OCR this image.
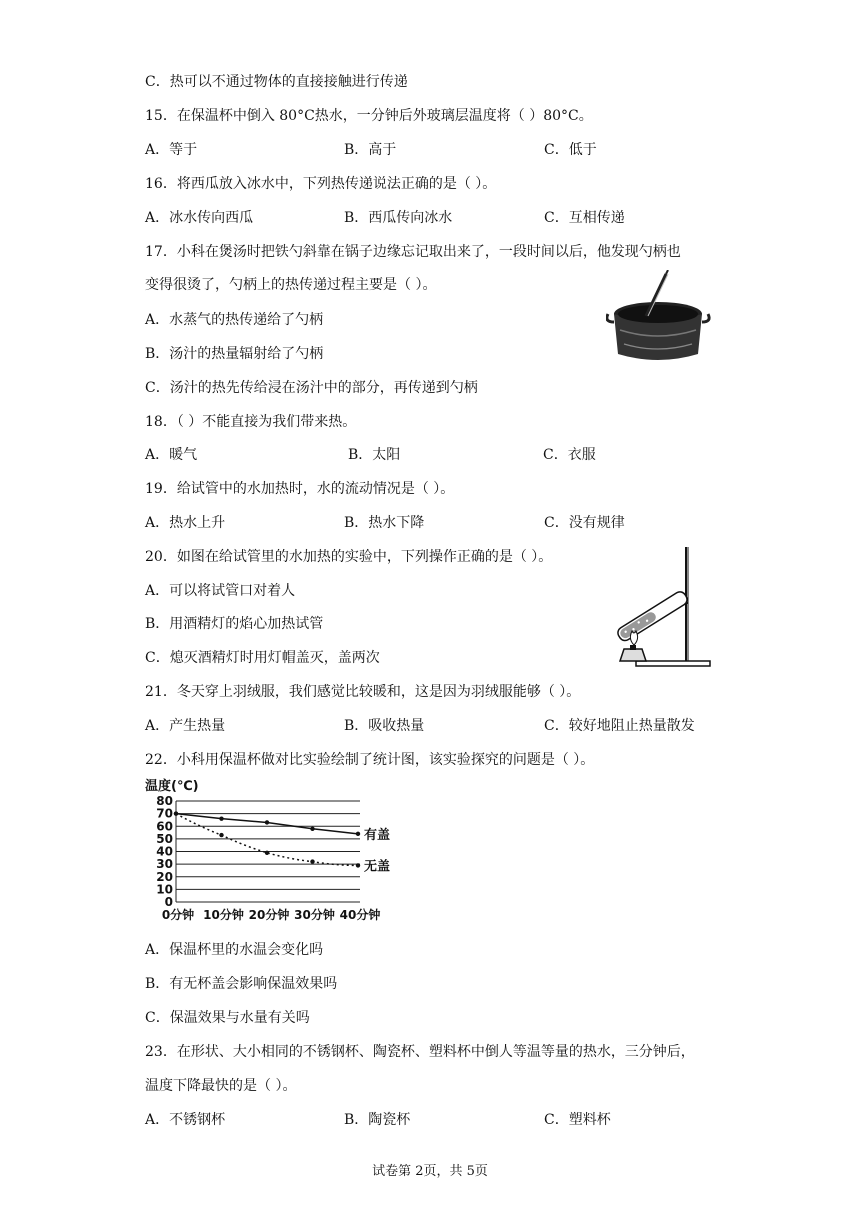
C．热可以不通过物体的直接接触进行传递
15．在保温杯中倒入 80°C热水，一分钟后外玻璃层温度将（ ）80°C。
A．等于	B．高于	C．低于
16．将西瓜放入冰水中，下列热传递说法正确的是（ ）。
A．冰水传向西瓜	B．西瓜传向冰水	C．互相传递
17．小科在煲汤时把铁勺斜靠在锅子边缘忘记取出来了，一段时间以后，他发现勺柄也
变得很烫了，勺柄上的热传递过程主要是（ ）。
A．水蒸气的热传递给了勺柄
B．汤汁的热量辐射给了勺柄
C．汤汁的热先传给浸在汤汁中的部分，再传递到勺柄
18．（ ）不能直接为我们带来热。
A．暖气	B．太阳	C．衣服
19．给试管中的水加热时，水的流动情况是（ ）。
A．热水上升	B．热水下降	C．没有规律
20．如图在给试管里的水加热的实验中，下列操作正确的是（ ）。
A．可以将试管口对着人
B．用酒精灯的焰心加热试管
C．熄灭酒精灯时用灯帽盖灭，盖两次
21．冬天穿上羽绒服，我们感觉比较暖和，这是因为羽绒服能够（ ）。
A．产生热量	B．吸收热量	C．较好地阻止热量散发
22．小科用保温杯做对比实验绘制了统计图，该实验探究的问题是（ ）。
温度(℃)
0
10
20
30
40
50
60
70
80
0分钟 10分钟 20分钟 30分钟 40分钟
有盖
无盖
A．保温杯里的水温会变化吗
B．有无杯盖会影响保温效果吗
C．保温效果与水量有关吗
23．在形状、大小相同的不锈钢杯、陶瓷杯、塑料杯中倒人等温等量的热水，三分钟后，
温度下降最快的是（ ）。
A．不锈钢杯	B．陶瓷杯	C．塑料杯
试卷第 2页，共 5页
